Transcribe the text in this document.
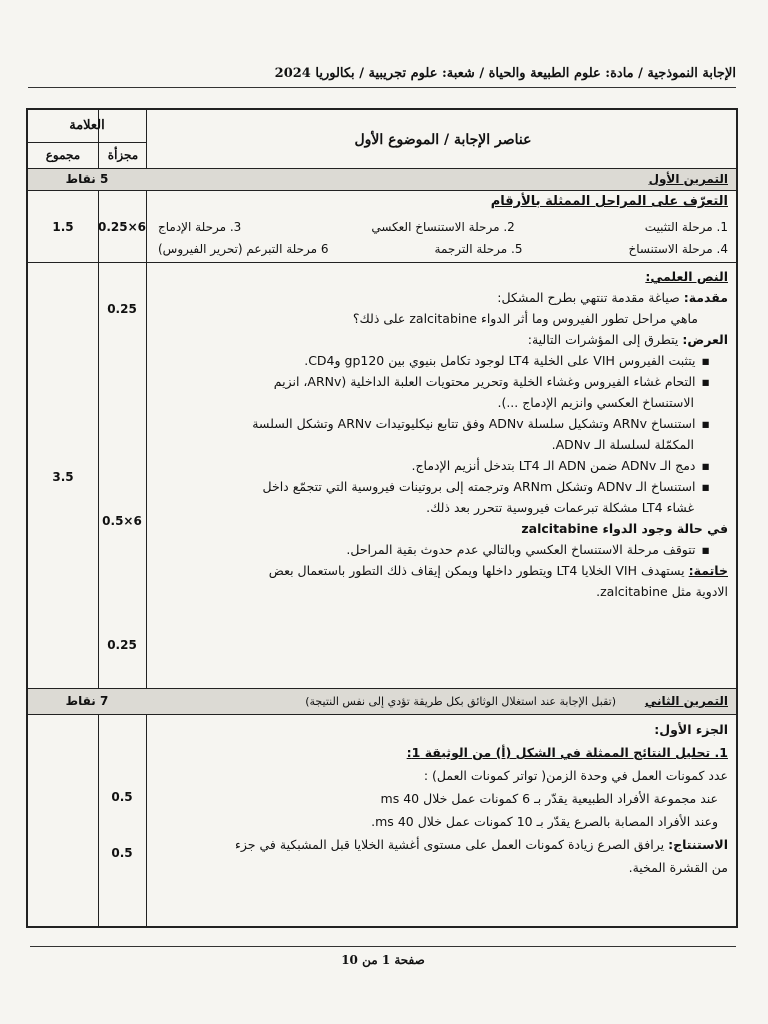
الإجابة النموذجية / مادة: علوم الطبيعة والحياة / شعبة: علوم تجريبية / بكالوريا 2024
العلامة
مجموع	مجزأة
عناصر الإجابة / الموضوع الأول
التمرين الأول
5 نقاط
التعرّف على المراحل الممثلة بالأرقام
1. مرحلة التثبيت
2. مرحلة الاستنساخ العكسي
3. مرحلة الإدماج
4. مرحلة الاستنساخ
5. مرحلة الترجمة
6 مرحلة التبرعم (تحرير الفيروس)
0.25×6
1.5
النص العلمي:
مقدمة: صياغة مقدمة تنتهي بطرح المشكل:
ماهي مراحل تطور الفيروس وما أثر الدواء zalcitabine على ذلك؟
العرض: يتطرق إلى المؤشرات التالية:
▪ يتثبت الفيروس VIH على الخلية LT4 لوجود تكامل بنيوي بين gp120 وCD4.
▪ التحام غشاء الفيروس وغشاء الخلية وتحرير محتويات العلبة الداخلية (ARNv، انزيم
الاستنساخ العكسي وانزيم الإدماج ...).
▪ استنساخ ARNv وتشكيل سلسلة ADNv وفق تتابع نيكليوتيدات ARNv وتشكل السلسة
المكمّلة لسلسلة الـ ADNv.
▪ دمج الـ ADNv ضمن ADN الـ LT4 بتدخل أنزيم الإدماج.
▪ استنساخ الـ ADNv وتشكل ARNm وترجمته إلى بروتينات فيروسية التي تتجمّع داخل
غشاء LT4 مشكلة تبرعمات فيروسية تتحرر بعد ذلك.
في حالة وجود الدواء zalcitabine
▪ تتوقف مرحلة الاستنساخ العكسي وبالتالي عدم حدوث بقية المراحل.
خاتمة: يستهدف VIH الخلايا LT4 ويتطور داخلها ويمكن إيقاف ذلك التطور باستعمال بعض
الادوية مثل zalcitabine.
0.25
0.5×6
0.25
3.5
التمرين الثاني
(تقبل الإجابة عند استغلال الوثائق بكل طريقة تؤدي إلى نفس النتيجة)
7 نقاط
الجزء الأول:
1. تحليل النتائج الممثلة في الشكل (أ) من الوثيقة 1:
عدد كمونات العمل في وحدة الزمن( تواتر كمونات العمل) :
عند مجموعة الأفراد الطبيعية يقدّر بـ 6 كمونات عمل خلال 40 ms
وعند الأفراد المصابة بالصرع يقدّر بـ 10 كمونات عمل خلال 40 ms.
الاستنتاج: يرافق الصرع زيادة كمونات العمل على مستوى أغشية الخلايا قبل المشبكية في جزء
من القشرة المخية.
0.5
0.5
صفحة 1 من 10
